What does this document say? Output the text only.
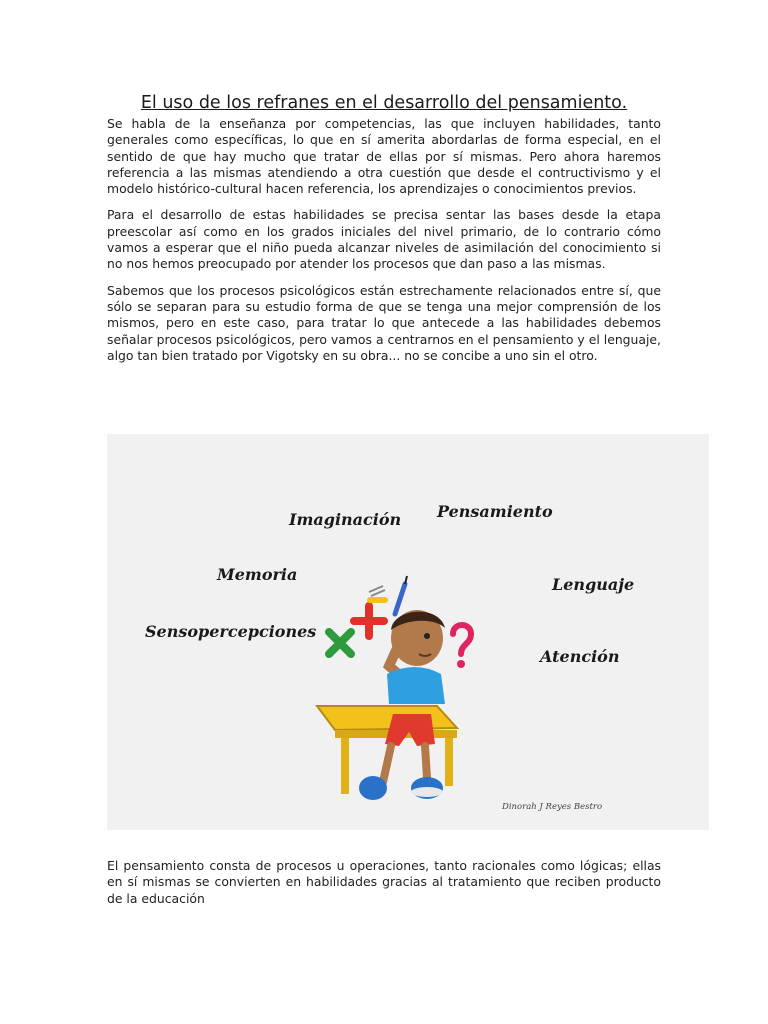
El uso de los refranes en el desarrollo del pensamiento.

Se habla de la enseñanza por competencias, las que incluyen habilidades, tanto generales como específicas, lo que en sí amerita abordarlas de forma especial, en el sentido de que hay mucho que tratar de ellas por sí mismas. Pero ahora haremos referencia a las mismas atendiendo a otra cuestión que desde el contructivismo y el modelo histórico-cultural hacen referencia, los aprendizajes o conocimientos previos.

Para el desarrollo de estas habilidades se precisa sentar las bases desde la etapa preescolar así como en los grados iniciales del nivel primario, de lo contrario cómo vamos a esperar que el niño pueda alcanzar niveles de asimilación del conocimiento si no nos hemos preocupado por atender los procesos que dan paso a las mismas.

Sabemos que los procesos psicológicos están estrechamente relacionados entre sí, que sólo se separan para su estudio forma de que se tenga una mejor comprensión de los mismos, pero en este caso, para tratar lo que antecede a las habilidades debemos señalar procesos psicológicos, pero vamos a centrarnos en el pensamiento y el lenguaje, algo tan bien tratado por Vigotsky en su obra... no se concibe a uno sin el otro.

Imaginación Pensamiento
Memoria
Lenguaje
Sensopercepciones
Atención
Dinorah J Reyes Bestro

El pensamiento consta de procesos u operaciones, tanto racionales como lógicas; ellas en sí mismas se convierten en habilidades gracias al tratamiento que reciben producto de la educación
